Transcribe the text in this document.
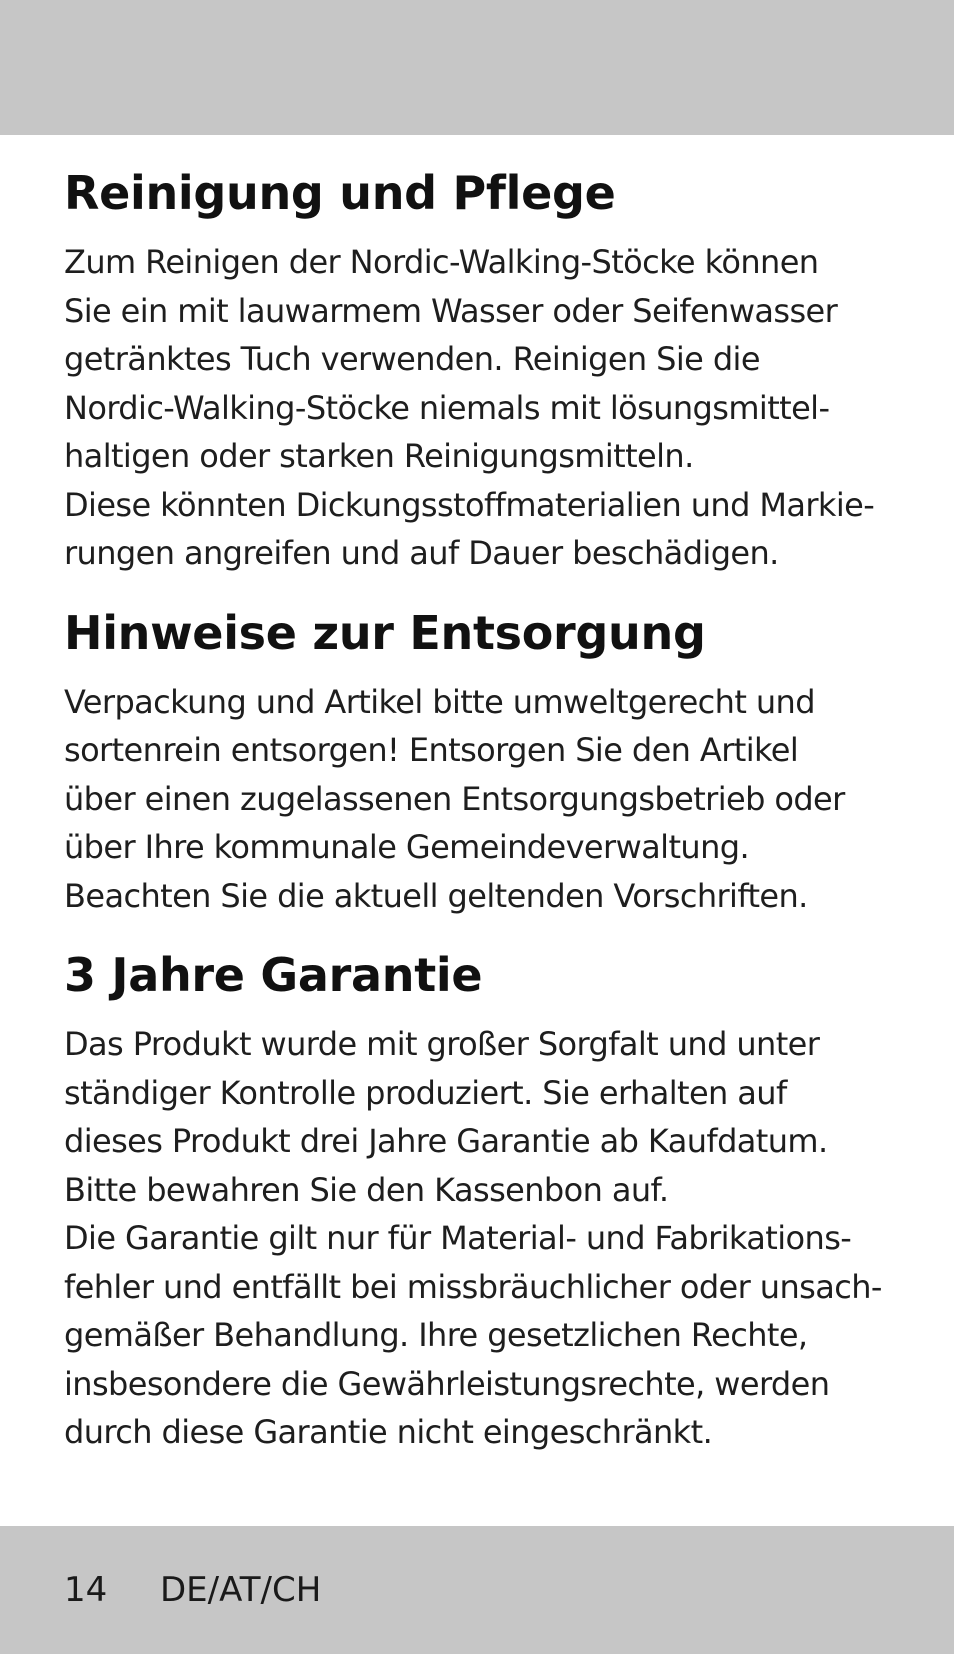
Reinigung und Pflege
Zum Reinigen der Nordic-Walking-Stöcke können
Sie ein mit lauwarmem Wasser oder Seifenwasser
getränktes Tuch verwenden. Reinigen Sie die
Nordic-Walking-Stöcke niemals mit lösungsmittel-
haltigen oder starken Reinigungsmitteln.
Diese könnten Dickungsstoffmaterialien und Markie-
rungen angreifen und auf Dauer beschädigen.
Hinweise zur Entsorgung
Verpackung und Artikel bitte umweltgerecht und
sortenrein entsorgen! Entsorgen Sie den Artikel
über einen zugelassenen Entsorgungsbetrieb oder
über Ihre kommunale Gemeindeverwaltung.
Beachten Sie die aktuell geltenden Vorschriften.
3 Jahre Garantie
Das Produkt wurde mit großer Sorgfalt und unter
ständiger Kontrolle produziert. Sie erhalten auf
dieses Produkt drei Jahre Garantie ab Kaufdatum.
Bitte bewahren Sie den Kassenbon auf.
Die Garantie gilt nur für Material- und Fabrikations-
fehler und entfällt bei missbräuchlicher oder unsach-
gemäßer Behandlung. Ihre gesetzlichen Rechte,
insbesondere die Gewährleistungsrechte, werden
durch diese Garantie nicht eingeschränkt.
14 DE/AT/CH
